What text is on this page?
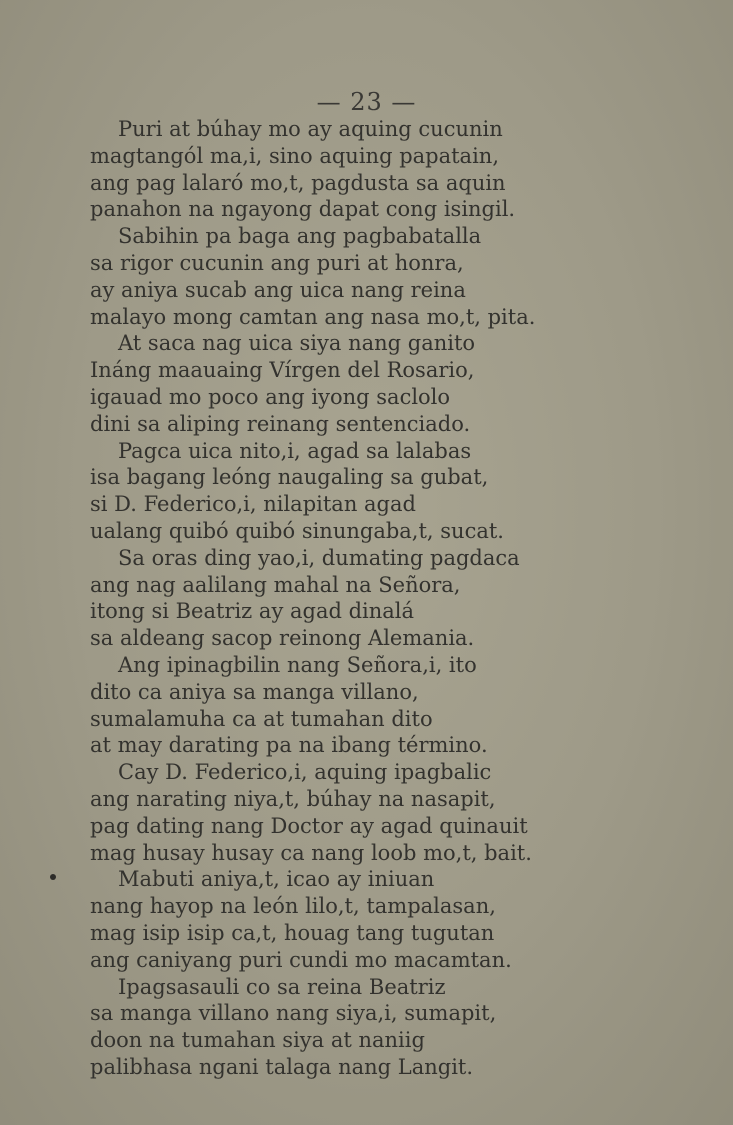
— 23 —
Puri at búhay mo ay aquing cucunin
magtangól ma,i, sino aquing papatain,
ang pag lalaró mo,t, pagdusta sa aquin
panahon na ngayong dapat cong isingil.
Sabihin pa baga ang pagbabatalla
sa rigor cucunin ang puri at honra,
ay aniya sucab ang uica nang reina
malayo mong camtan ang nasa mo,t, pita.
At saca nag uica siya nang ganito
Ináng maauaing Vírgen del Rosario,
igauad mo poco ang iyong saclolo
dini sa aliping reinang sentenciado.
Pagca uica nito,i, agad sa lalabas
isa bagang leóng naugaling sa gubat,
si D. Federico,i, nilapitan agad
ualang quibó quibó sinungaba,t, sucat.
Sa oras ding yao,i, dumating pagdaca
ang nag aalilang mahal na Señora,
itong si Beatriz ay agad dinalá
sa aldeang sacop reinong Alemania.
Ang ipinagbilin nang Señora,i, ito
dito ca aniya sa manga villano,
sumalamuha ca at tumahan dito
at may darating pa na ibang término.
Cay D. Federico,i, aquing ipagbalic
ang narating niya,t, búhay na nasapit,
pag dating nang Doctor ay agad quinauit
mag husay husay ca nang loob mo,t, bait.
Mabuti aniya,t, icao ay iniuan
nang hayop na león lilo,t, tampalasan,
mag isip isip ca,t, houag tang tugutan
ang caniyang puri cundi mo macamtan.
Ipagsasauli co sa reina Beatriz
sa manga villano nang siya,i, sumapit,
doon na tumahan siya at naniig
palibhasa ngani talaga nang Langit.
